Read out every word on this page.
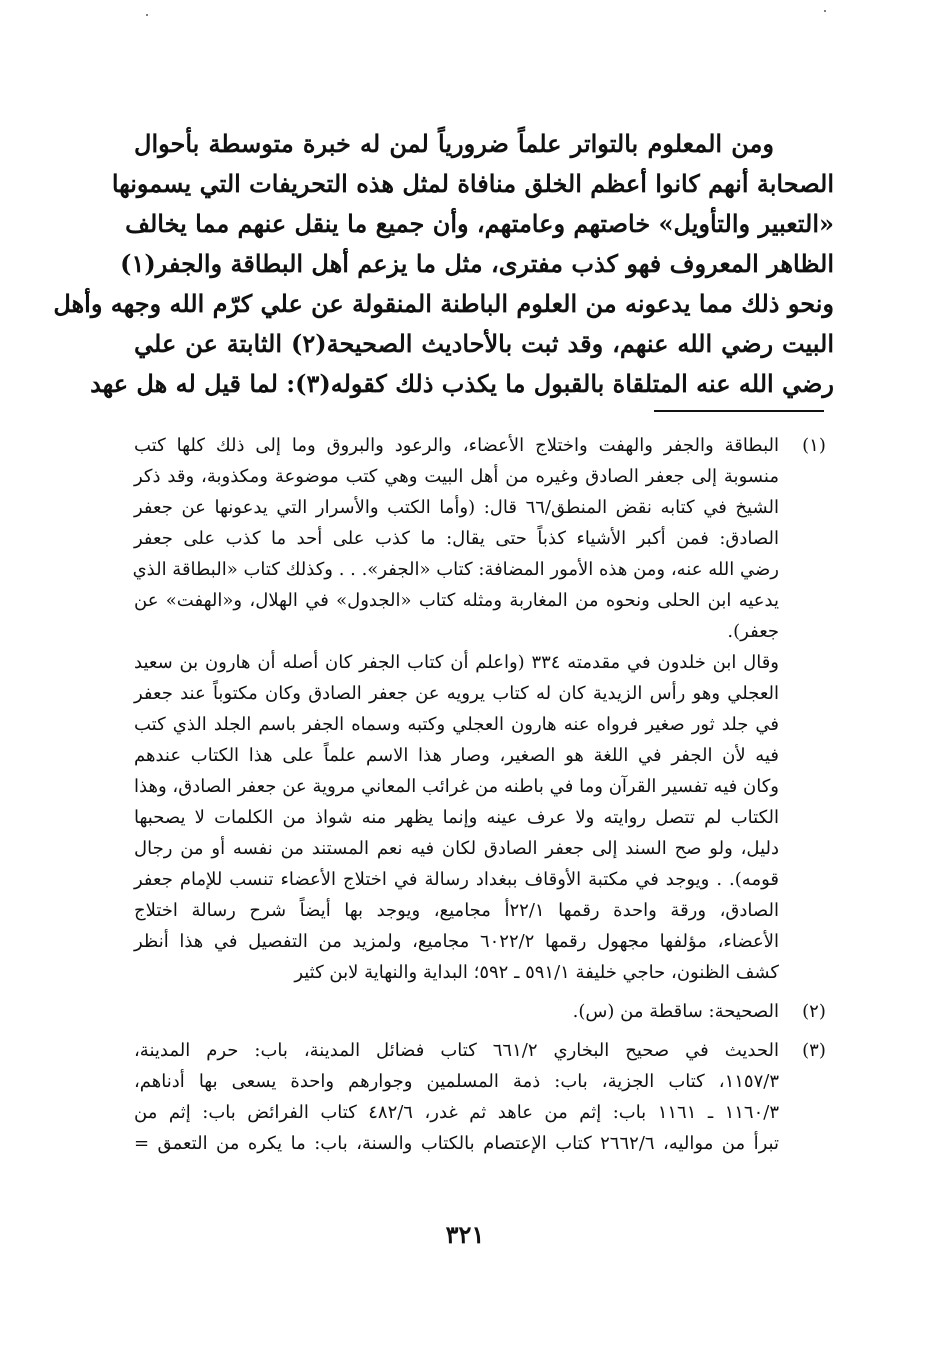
ومن المعلوم بالتواتر علماً ضرورياً لمن له خبرة متوسطة بأحوال
الصحابة أنهم كانوا أعظم الخلق منافاة لمثل هذه التحريفات التي يسمونها
«التعبير والتأويل» خاصتهم وعامتهم، وأن جميع ما ينقل عنهم مما يخالف
الظاهر المعروف فهو كذب مفترى، مثل ما يزعم أهل البطاقة والجفر(١)
ونحو ذلك مما يدعونه من العلوم الباطنة المنقولة عن علي كرّم الله وجهه وأهل
البيت رضي الله عنهم، وقد ثبت بالأحاديث الصحيحة(٢) الثابتة عن علي
رضي الله عنه المتلقاة بالقبول ما يكذب ذلك كقوله(٣): لما قيل له هل عهد
(١)
البطاقة والجفر والهفت واختلاج الأعضاء، والرعود والبروق وما إلى ذلك كلها كتب
منسوبة إلى جعفر الصادق وغيره من أهل البيت وهي كتب موضوعة ومكذوبة، وقد ذكر
الشيخ في كتابه نقض المنطق/٦٦ قال: (وأما الكتب والأسرار التي يدعونها عن جعفر
الصادق: فمن أكبر الأشياء كذباً حتى يقال: ما كذب على أحد ما كذب على جعفر
رضي الله عنه، ومن هذه الأمور المضافة: كتاب «الجفر». . . وكذلك كتاب «البطاقة الذي
يدعيه ابن الحلى ونحوه من المغاربة ومثله كتاب «الجدول» في الهلال، و«الهفت» عن
جعفر).
وقال ابن خلدون في مقدمته ٣٣٤ (واعلم أن كتاب الجفر كان أصله أن هارون بن سعيد
العجلي وهو رأس الزيدية كان له كتاب يرويه عن جعفر الصادق وكان مكتوباً عند جعفر
في جلد ثور صغير فرواه عنه هارون العجلي وكتبه وسماه الجفر باسم الجلد الذي كتب
فيه لأن الجفر في اللغة هو الصغير، وصار هذا الاسم علماً على هذا الكتاب عندهم
وكان فيه تفسير القرآن وما في باطنه من غرائب المعاني مروية عن جعفر الصادق، وهذا
الكتاب لم تتصل روايته ولا عرف عينه وإنما يظهر منه شواذ من الكلمات لا يصحبها
دليل، ولو صح السند إلى جعفر الصادق لكان فيه نعم المستند من نفسه أو من رجال
قومه). . ويوجد في مكتبة الأوقاف ببغداد رسالة في اختلاج الأعضاء تنسب للإمام جعفر
الصادق، ورقة واحدة رقمها ٢٢/١أ مجاميع، ويوجد بها أيضاً شرح رسالة اختلاج
الأعضاء، مؤلفها مجهول رقمها ٦٠٢٢/٢ مجاميع، ولمزيد من التفصيل في هذا أنظر
كشف الظنون، حاجي خليفة ٥٩١/١ ـ ٥٩٢؛ البداية والنهاية لابن كثير
(٢)
الصحيحة: ساقطة من (س).
(٣)
الحديث في صحيح البخاري ٦٦١/٢ كتاب فضائل المدينة، باب: حرم المدينة،
١١٥٧/٣، كتاب الجزية، باب: ذمة المسلمين وجوارهم واحدة يسعى بها أدناهم،
١١٦٠/٣ ـ ١١٦١ باب: إثم من عاهد ثم غدر، ٤٨٢/٦ كتاب الفرائض باب: إثم من
تبرأ من مواليه، ٢٦٦٢/٦ كتاب الإعتصام بالكتاب والسنة، باب: ما يكره من التعمق =
٣٢١
